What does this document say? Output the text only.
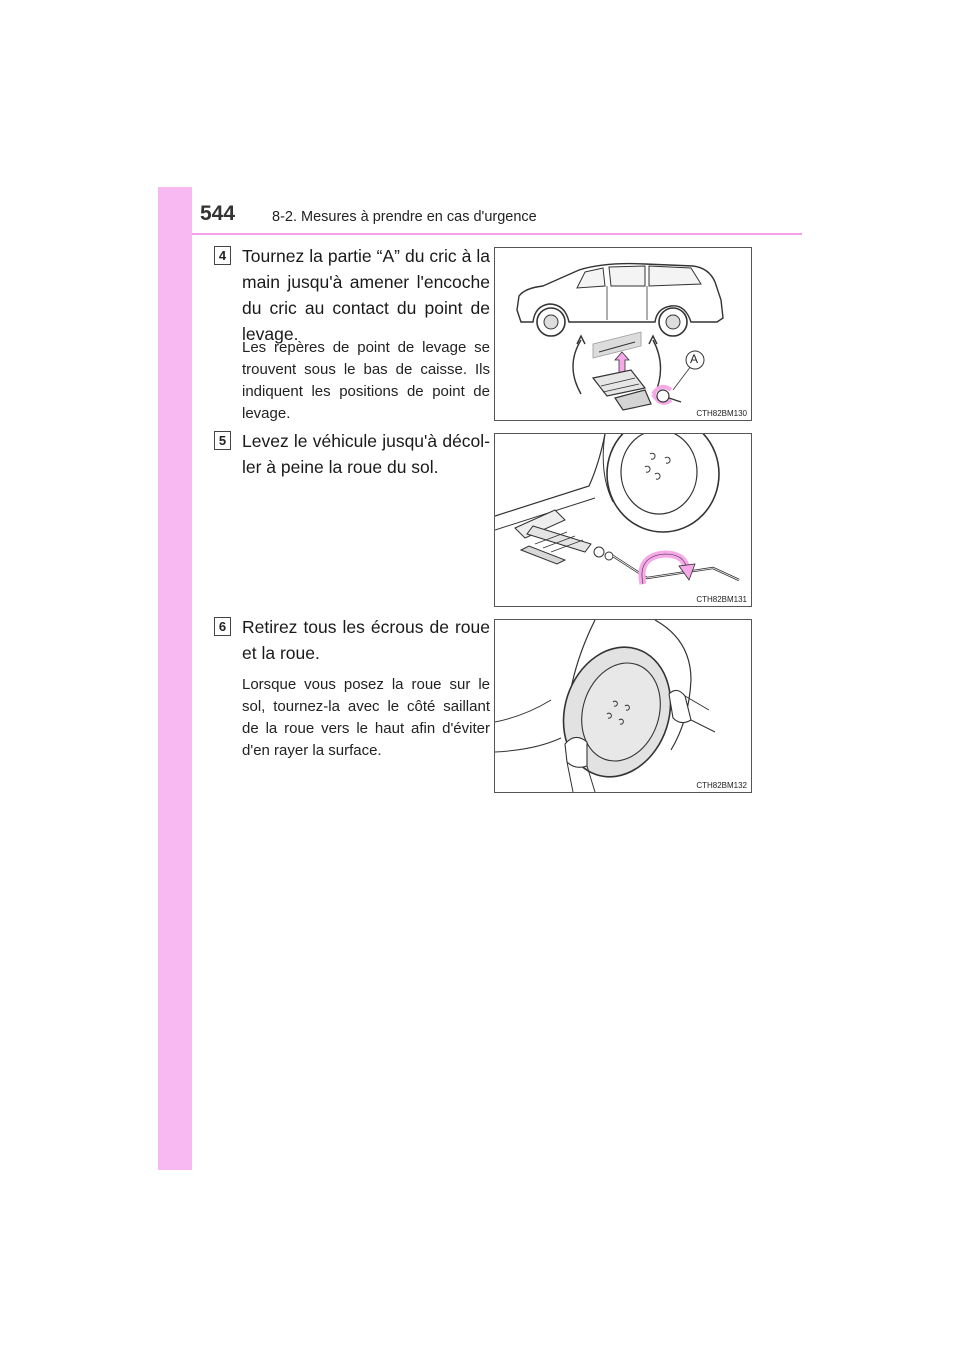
544	8-2. Mesures à prendre en cas d'urgence
4 Tournez la partie “A” du cric à la main jusqu'à amener l'encoche du cric au contact du point de levage.
Les repères de point de levage se trouvent sous le bas de caisse. Ils indiquent les positions de point de levage.
A
CTH82BM130
5 Levez le véhicule jusqu'à décol-ler à peine la roue du sol.
CTH82BM131
6 Retirez tous les écrous de roue et la roue.
Lorsque vous posez la roue sur le sol, tournez-la avec le côté saillant de la roue vers le haut afin d'éviter d'en rayer la surface.
CTH82BM132
